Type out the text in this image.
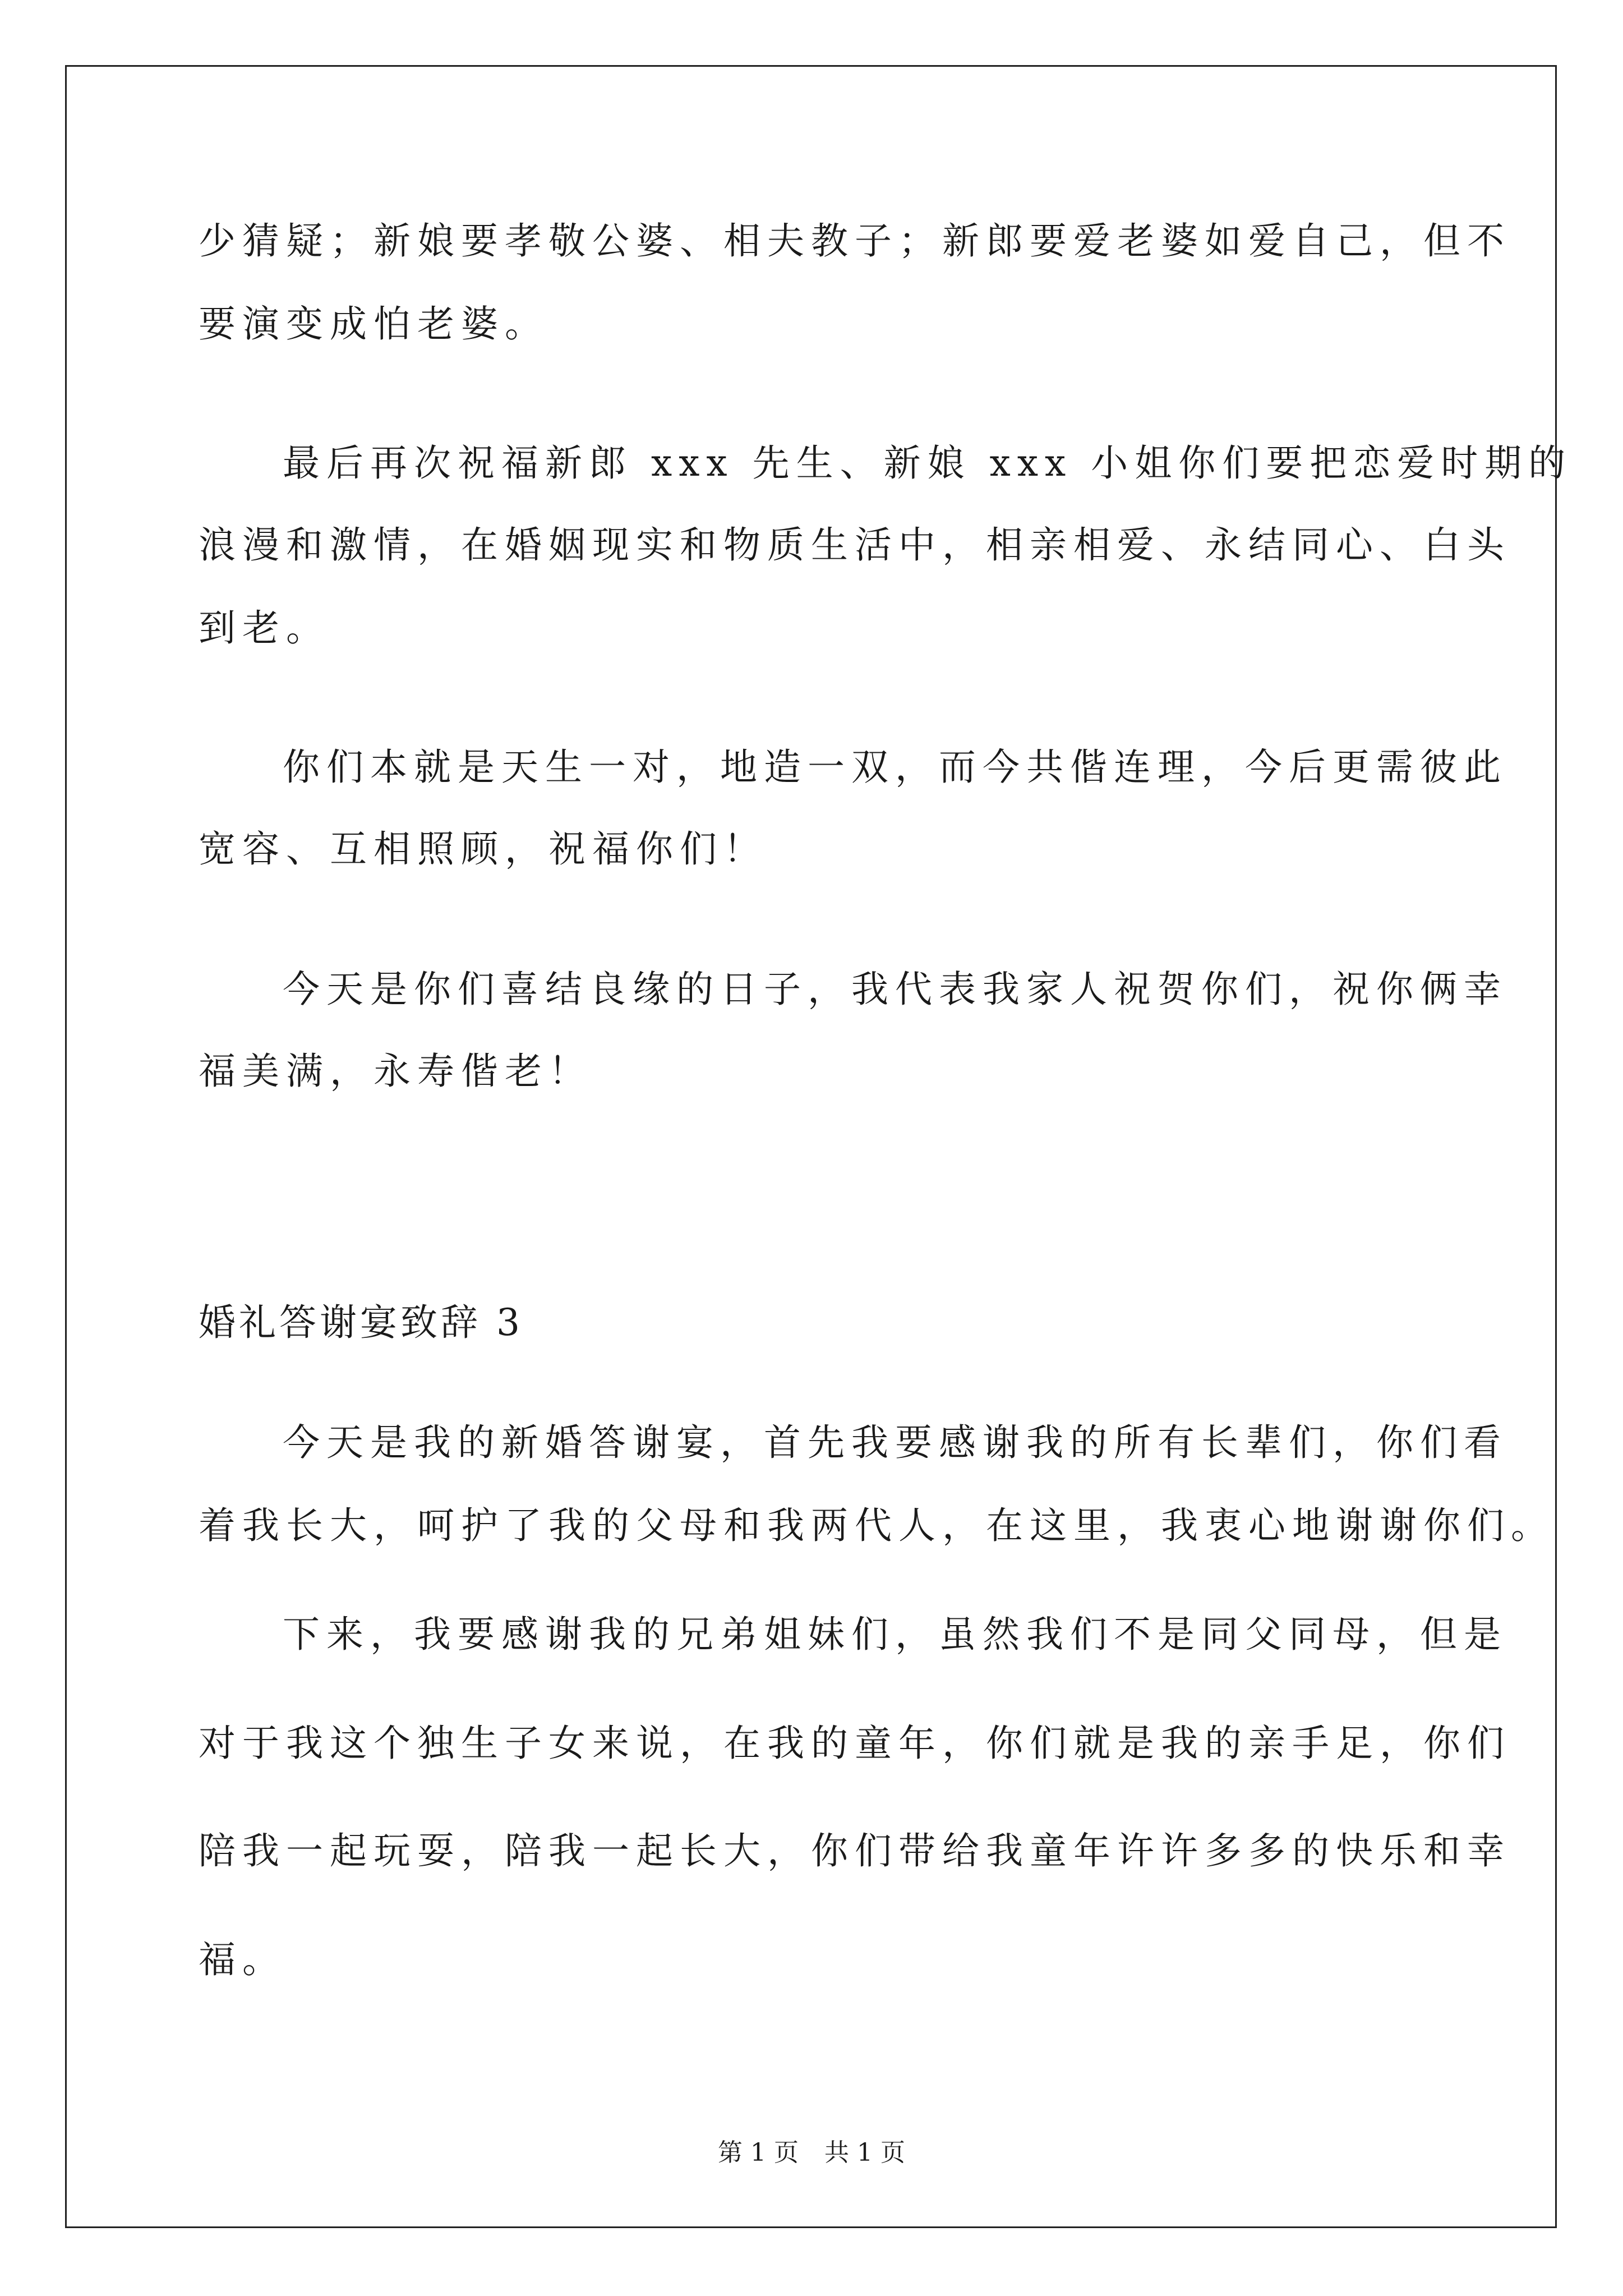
少猜疑；新娘要孝敬公婆、相夫教子；新郎要爱老婆如爱自己，但不
要演变成怕老婆。
最后再次祝福新郎 xxx 先生、新娘 xxx 小姐你们要把恋爱时期的
浪漫和激情，在婚姻现实和物质生活中，相亲相爱、永结同心、白头
到老。
你们本就是天生一对，地造一双，而今共偕连理，今后更需彼此
宽容、互相照顾，祝福你们！
今天是你们喜结良缘的日子，我代表我家人祝贺你们，祝你俩幸
福美满，永寿偕老！
婚礼答谢宴致辞 3
今天是我的新婚答谢宴，首先我要感谢我的所有长辈们，你们看
着我长大，呵护了我的父母和我两代人，在这里，我衷心地谢谢你们。
下来，我要感谢我的兄弟姐妹们，虽然我们不是同父同母，但是
对于我这个独生子女来说，在我的童年，你们就是我的亲手足，你们
陪我一起玩耍，陪我一起长大，你们带给我童年许许多多的快乐和幸
福。
第 1 页 共 1 页
